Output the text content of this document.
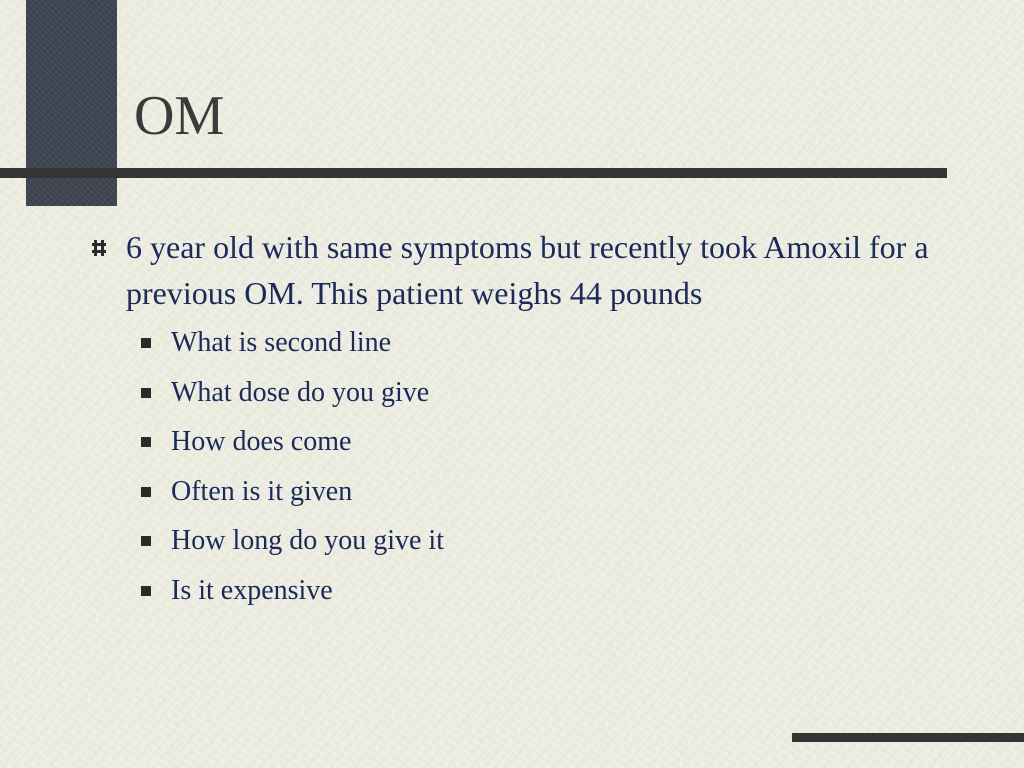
OM
6 year old with same symptoms but recently took Amoxil for a previous OM. This patient weighs 44 pounds
What is second line
What dose do you give
How does come
Often is it given
How long do you give it
Is it expensive
